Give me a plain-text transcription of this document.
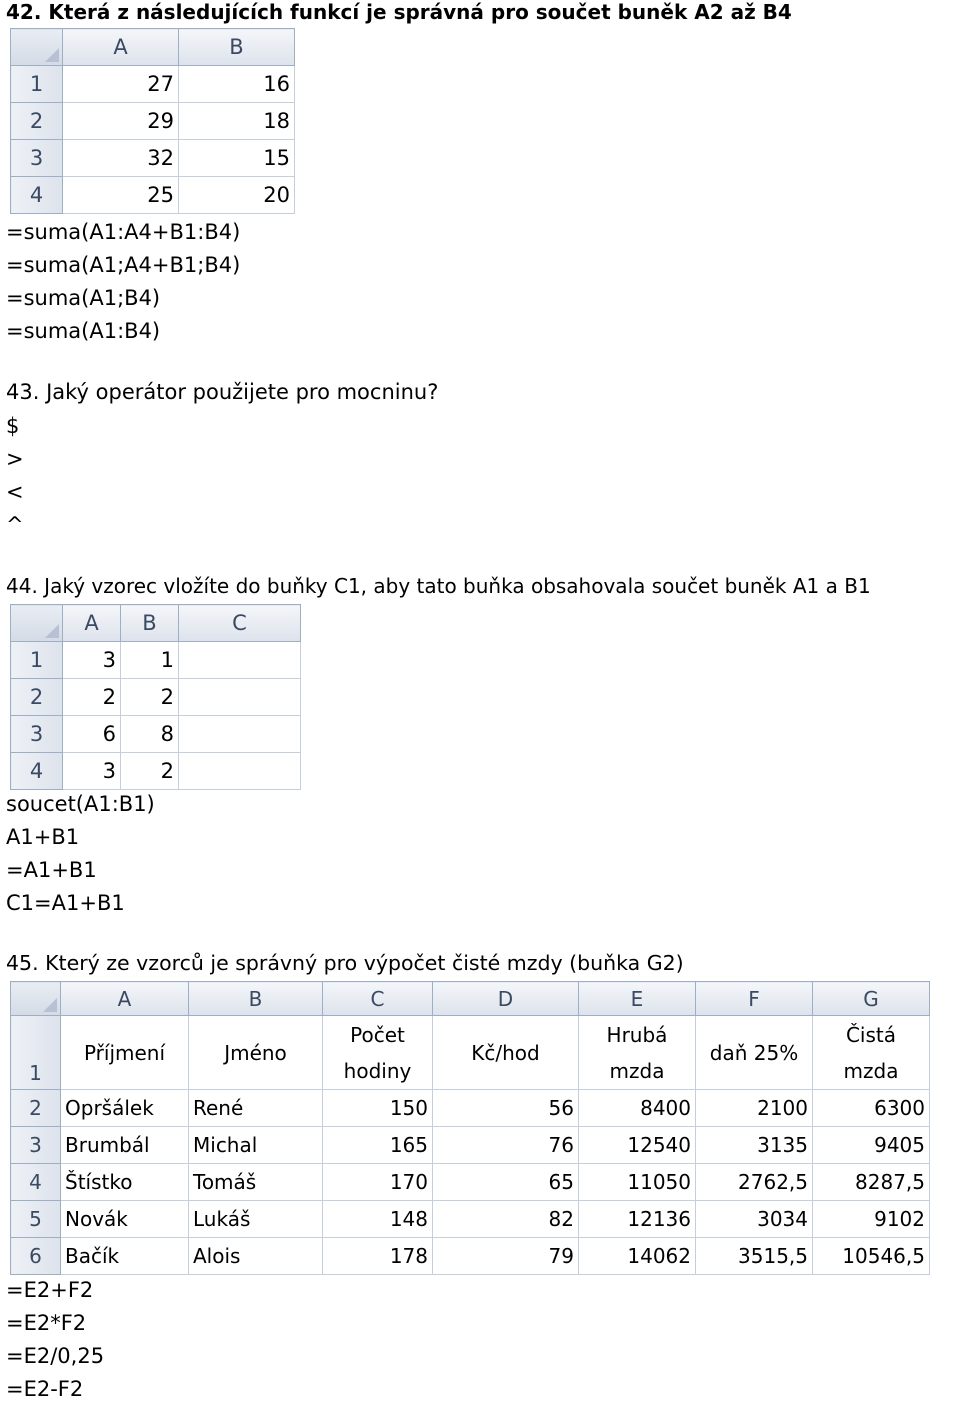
42. Která z následujících funkcí je správná pro součet buněk A2 až B4

	A	B
1	27	16
2	29	18
3	32	15
4	25	20
=suma(A1:A4+B1:B4)
=suma(A1;A4+B1;B4)
=suma(A1;B4)
=suma(A1:B4)

43. Jaký operátor použijete pro mocninu?

$
>
<
^

44. Jaký vzorec vložíte do buňky C1, aby tato buňka obsahovala součet buněk A1 a B1

	A	B	C
1	3	1	
2	2	2	
3	6	8	
4	3	2	
soucet(A1:B1)
A1+B1
=A1+B1
C1=A1+B1

45. Který ze vzorců je správný pro výpočet čisté mzdy (buňka G2)

	A	B	C	D	E	F	G
1	Příjmení	Jméno	Počet hodiny	Kč/hod	Hrubá mzda	daň 25%	Čistá mzda
2	Opršálek	René	150	56	8400	2100	6300
3	Brumbál	Michal	165	76	12540	3135	9405
4	Štístko	Tomáš	170	65	11050	2762,5	8287,5
5	Novák	Lukáš	148	82	12136	3034	9102
6	Bačík	Alois	178	79	14062	3515,5	10546,5
=E2+F2
=E2*F2
=E2/0,25
=E2-F2
